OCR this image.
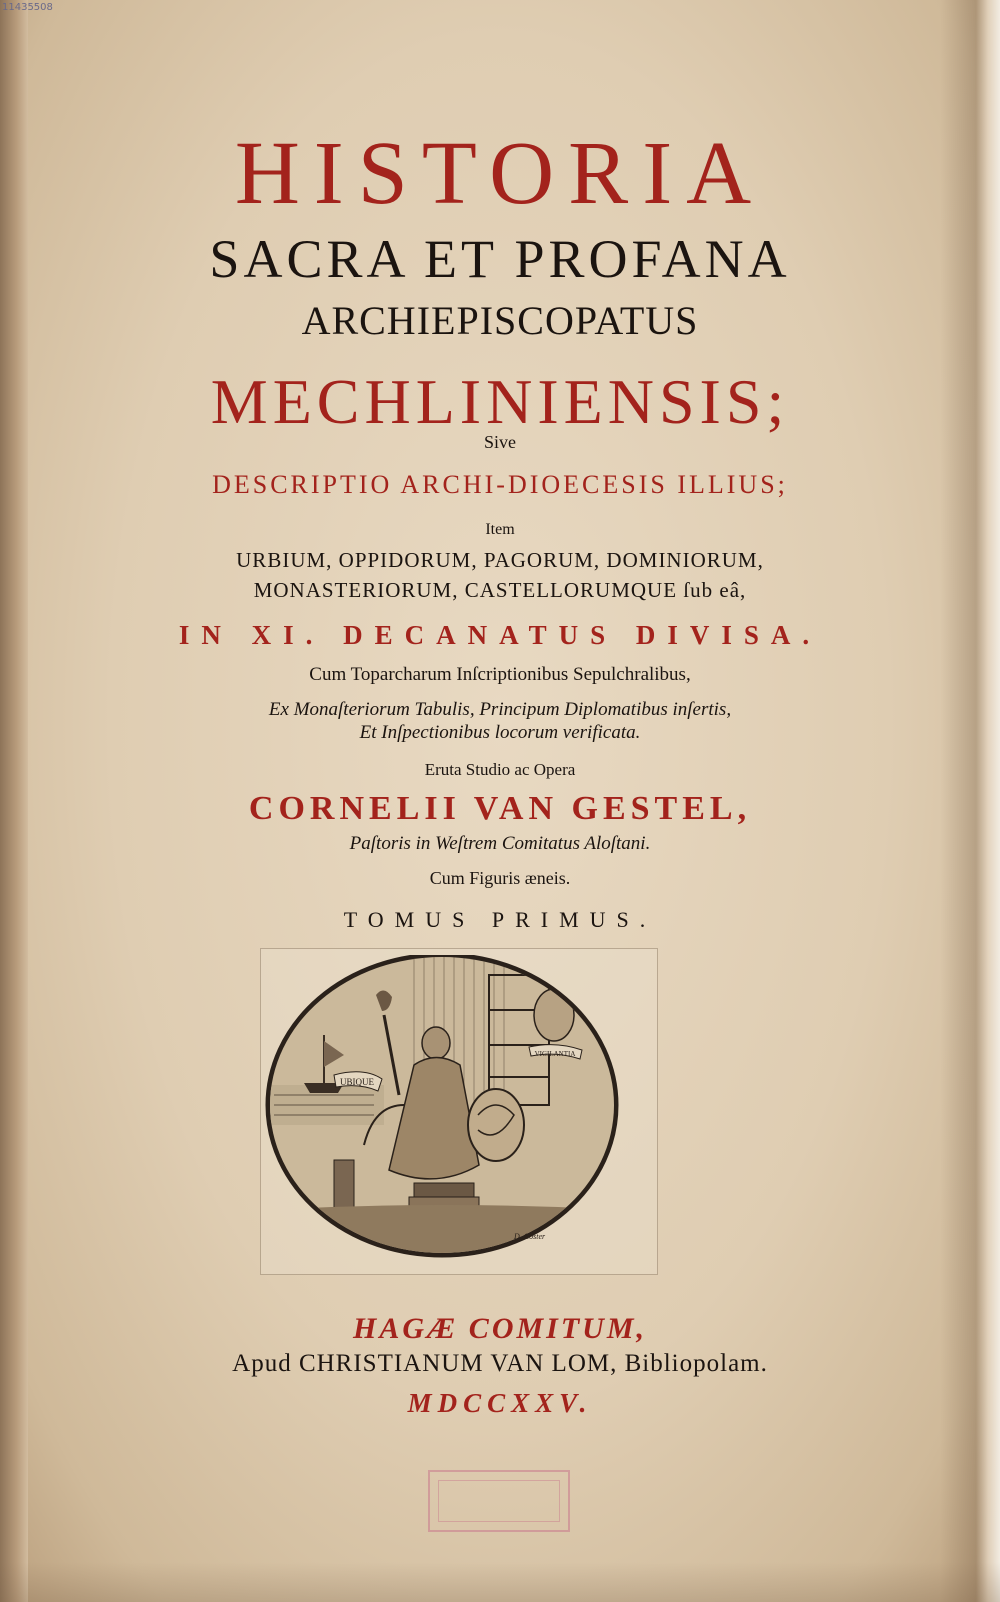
11435508
HISTORIA
SACRA ET PROFANA
ARCHIEPISCOPATUS
MECHLINIENSIS;
Sive
DESCRIPTIO ARCHI-DIOECESIS ILLIUS;
Item
URBIUM, OPPIDORUM, PAGORUM, DOMINIORUM,
MONASTERIORUM, CASTELLORUMQUE ſub eâ,
IN XI. DECANATUS DIVISA.
Cum Toparcharum Inſcriptionibus Sepulchralibus,
Ex Monaſteriorum Tabulis, Principum Diplomatibus inſertis,
Et Inſpectionibus locorum verificata.
Eruta Studio ac Opera
CORNELII VAN GESTEL,
Paſtoris in Weſtrem Comitatus Aloſtani.
Cum Figuris æneis.
TOMUS PRIMUS.
UBIQUE
VIGILANTIA
D. Coster
HAGÆ COMITUM,
Apud CHRISTIANUM VAN LOM, Bibliopolam.
MDCCXXV.
